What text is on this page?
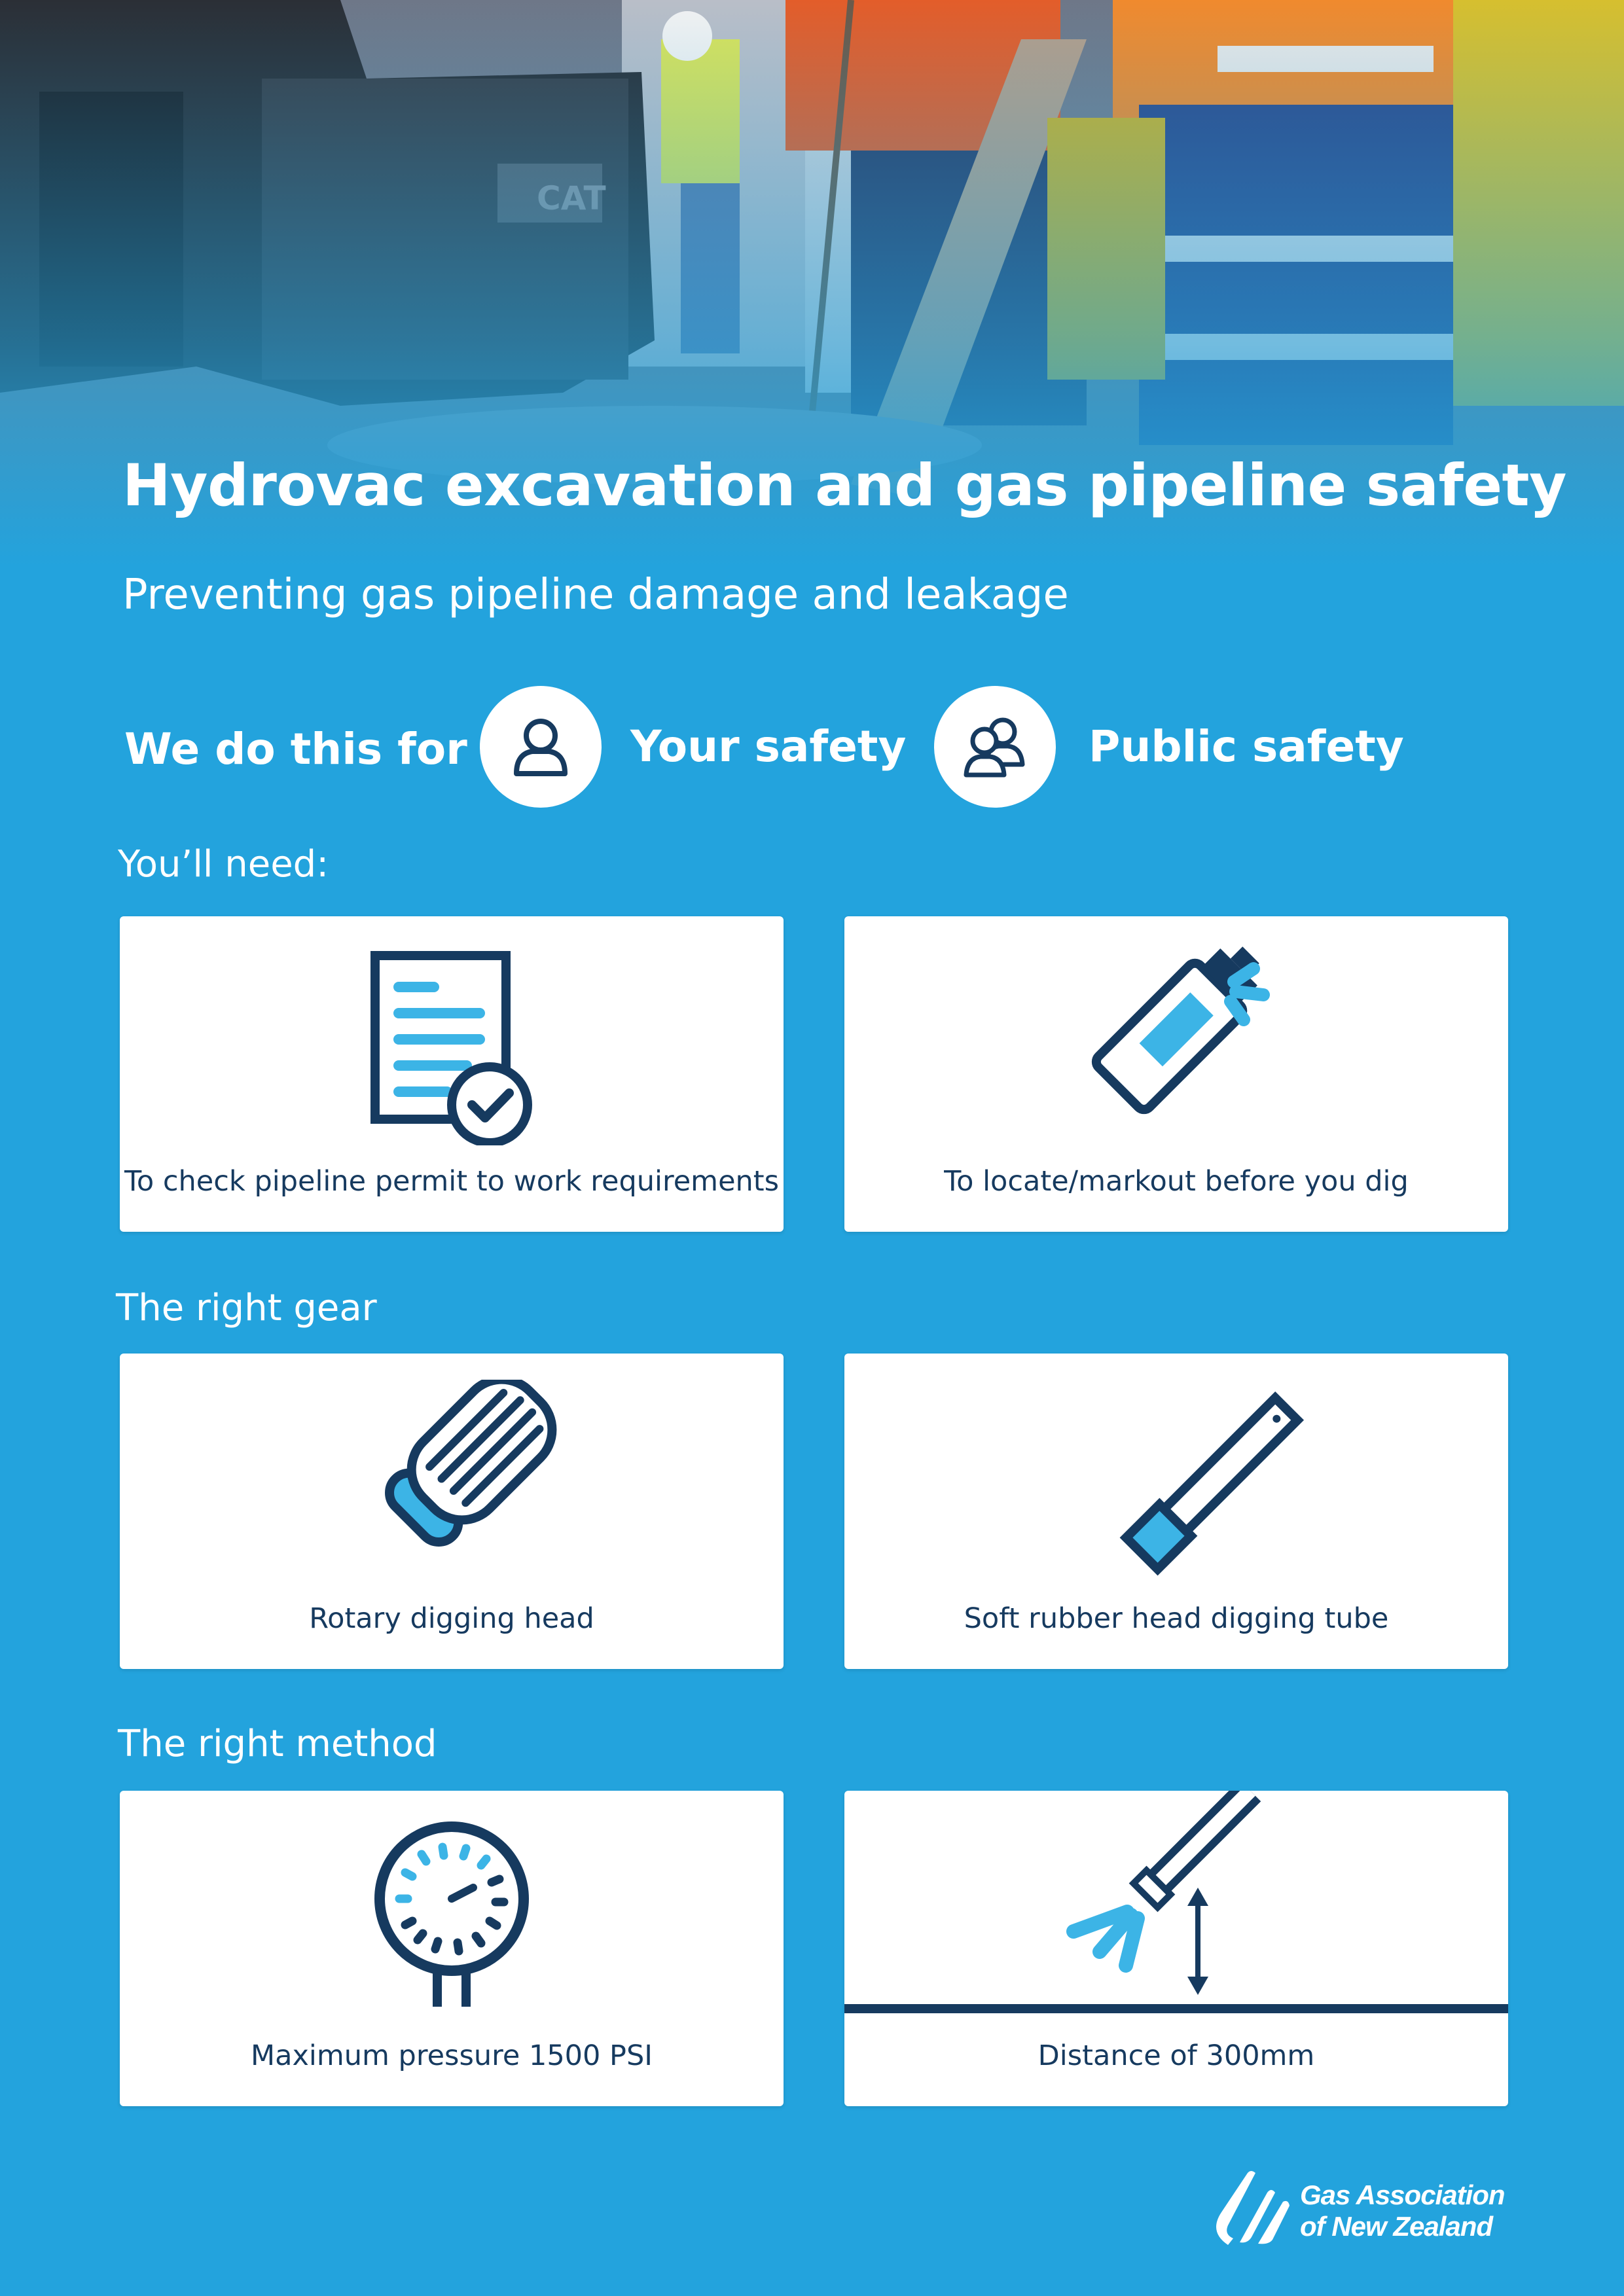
Hydrovac excavation and gas pipeline safety
Preventing gas pipeline damage and leakage
We do this for	Your safety	Public safety
You’ll need:
To check pipeline permit to work requirements	To locate/markout before you dig
The right gear
Rotary digging head	Soft rubber head digging tube
The right method
Maximum pressure 1500 PSI	Distance of 300mm
Gas Association
of New Zealand
